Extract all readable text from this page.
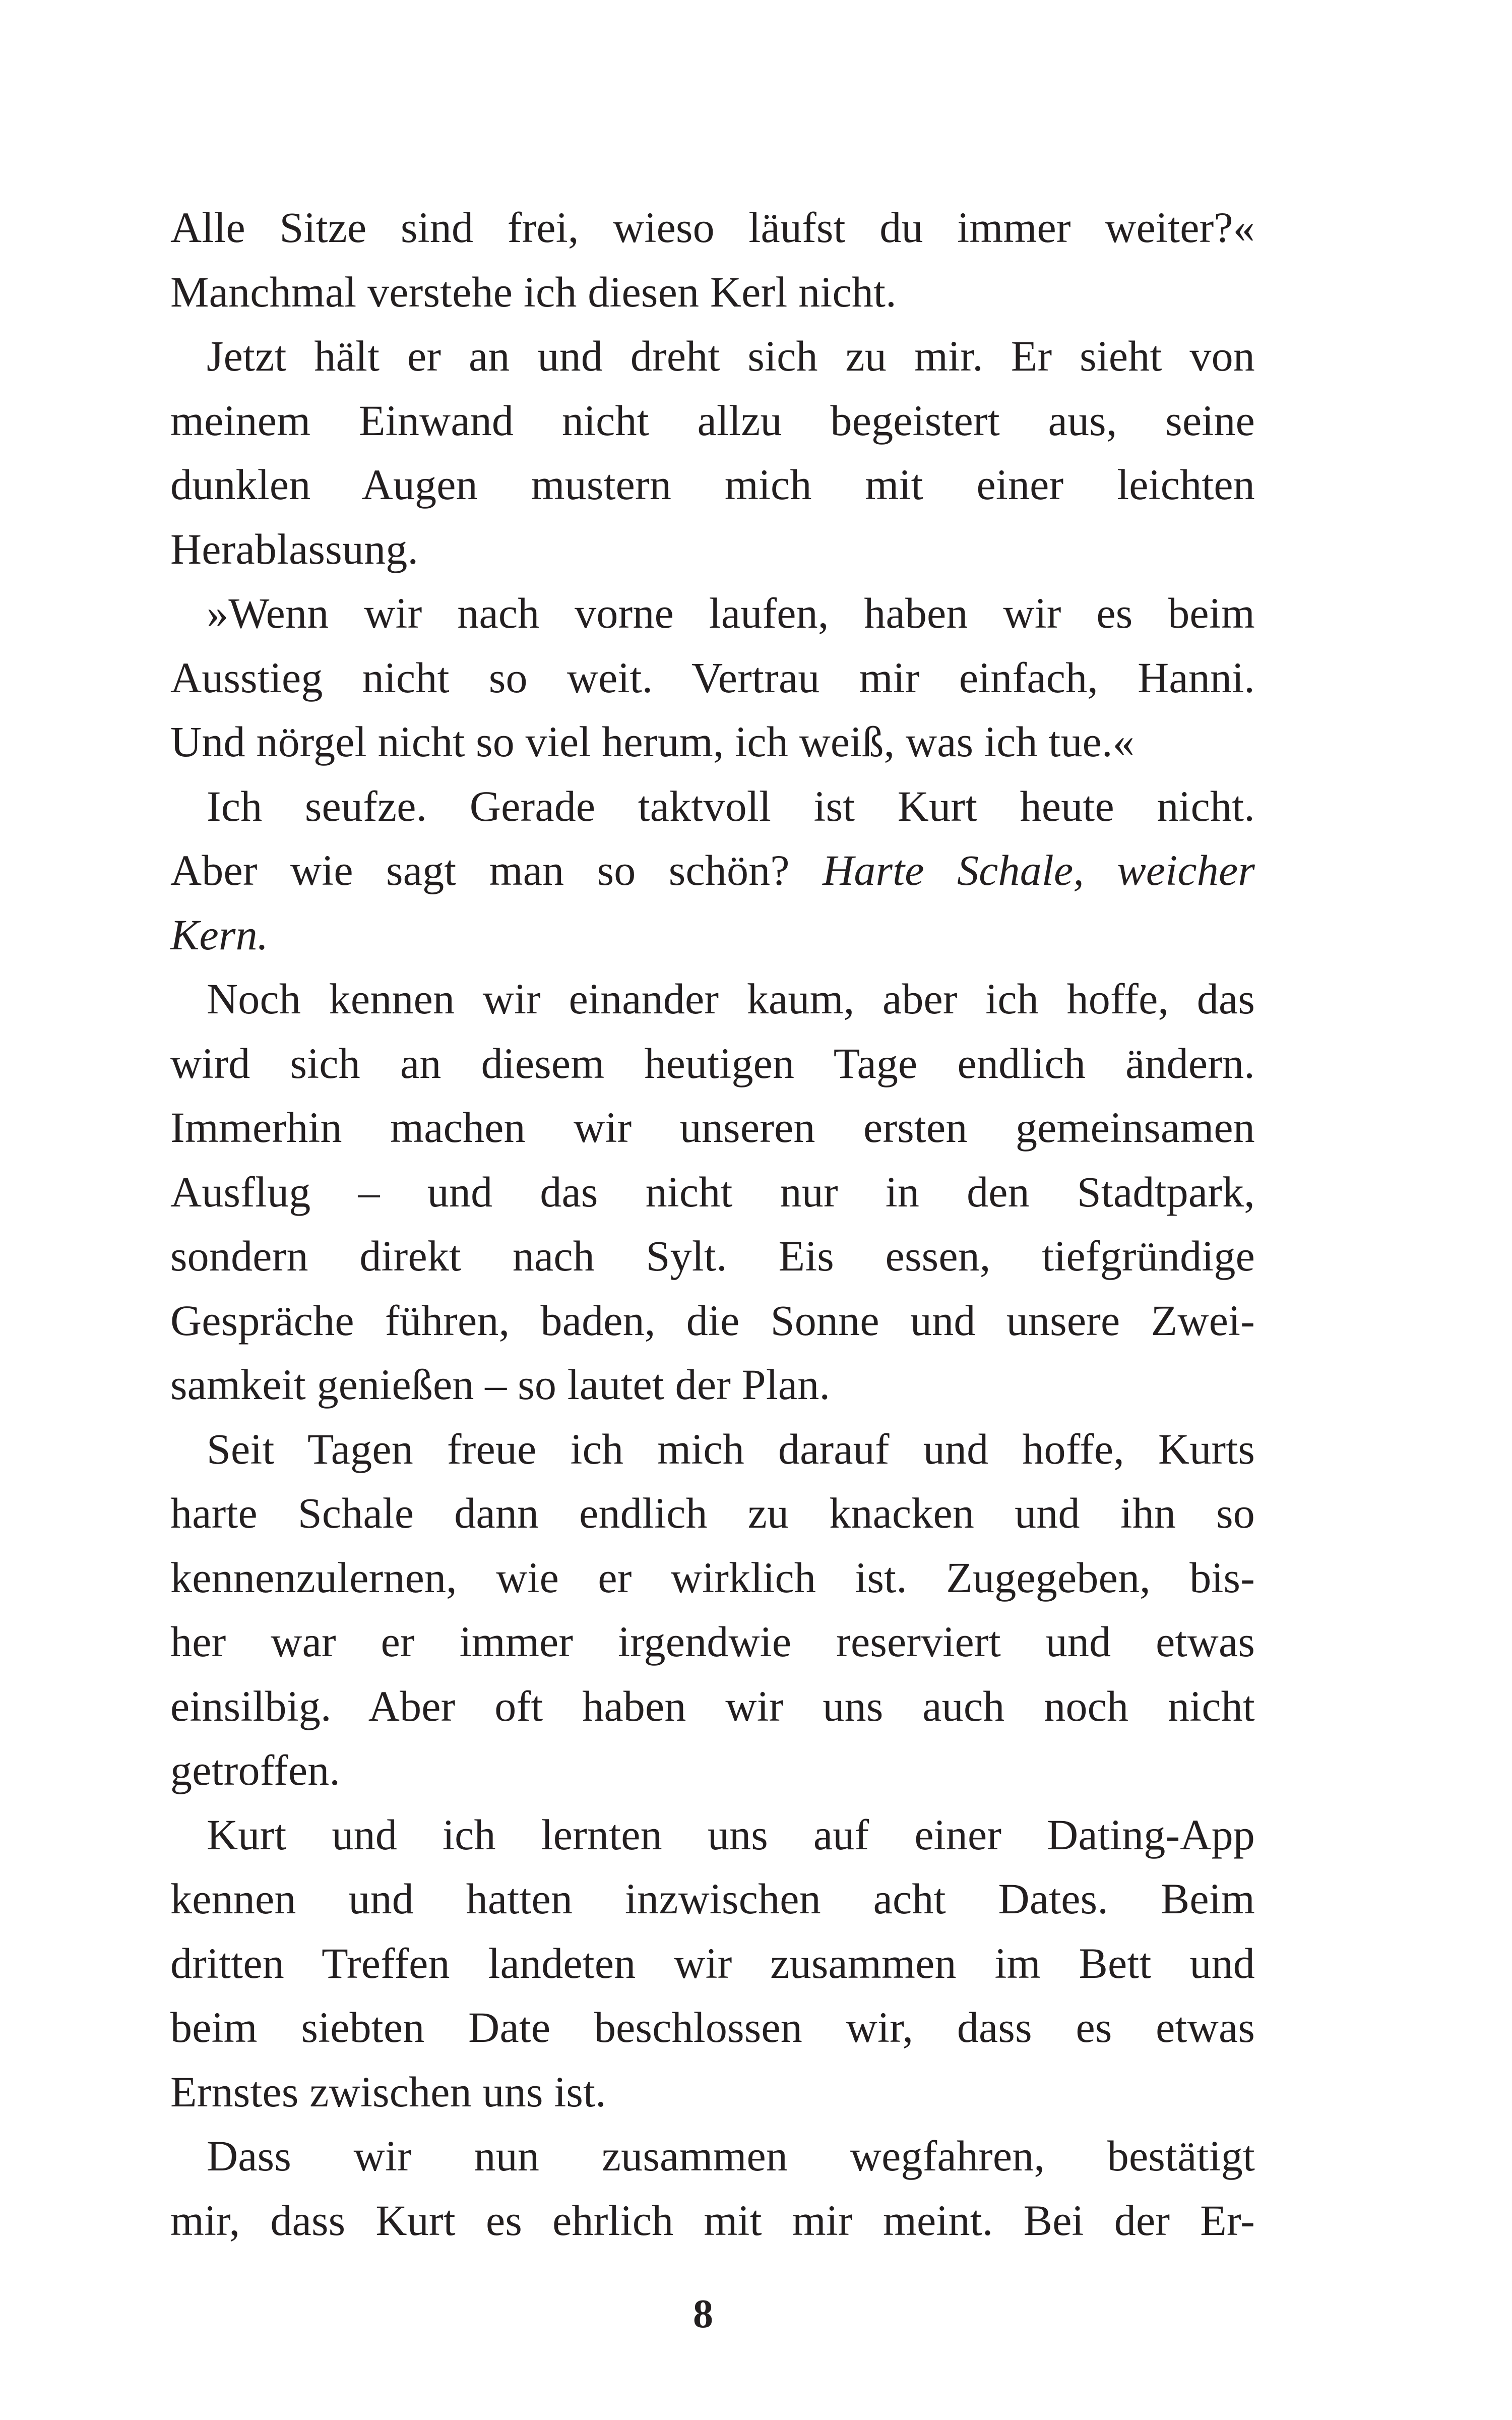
Alle Sitze sind frei, wieso läufst du immer weiter?«

Manchmal verstehe ich diesen Kerl nicht.

Jetzt hält er an und dreht sich zu mir. Er sieht von

meinem Einwand nicht allzu begeistert aus, seine

dunklen Augen mustern mich mit einer leichten

Herablassung.

»Wenn wir nach vorne laufen, haben wir es beim

Ausstieg nicht so weit. Vertrau mir einfach, Hanni.

Und nörgel nicht so viel herum, ich weiß, was ich tue.«

Ich seufze. Gerade taktvoll ist Kurt heute nicht.

Aber wie sagt man so schön? Harte Schale, weicher

Kern.

Noch kennen wir einander kaum, aber ich hoffe, das

wird sich an diesem heutigen Tage endlich ändern.

Immerhin machen wir unseren ersten gemeinsamen

Ausflug – und das nicht nur in den Stadtpark,

sondern direkt nach Sylt. Eis essen, tiefgründige

Gespräche führen, baden, die Sonne und unsere Zwei-

samkeit genießen – so lautet der Plan.

Seit Tagen freue ich mich darauf und hoffe, Kurts

harte Schale dann endlich zu knacken und ihn so

kennenzulernen, wie er wirklich ist. Zugegeben, bis-

her war er immer irgendwie reserviert und etwas

einsilbig. Aber oft haben wir uns auch noch nicht

getroffen.

Kurt und ich lernten uns auf einer Dating-App

kennen und hatten inzwischen acht Dates. Beim

dritten Treffen landeten wir zusammen im Bett und

beim siebten Date beschlossen wir, dass es etwas

Ernstes zwischen uns ist.

Dass wir nun zusammen wegfahren, bestätigt

mir, dass Kurt es ehrlich mit mir meint. Bei der Er-

8
